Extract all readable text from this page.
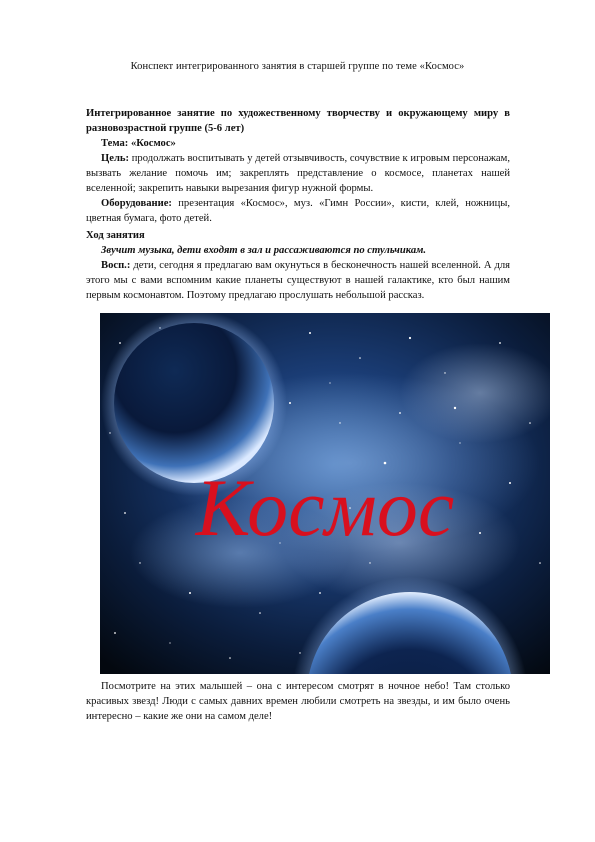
Конспект интегрированного занятия в старшей группе по теме «Космос»

Интегрированное занятие по художественному творчеству и окружающему миру в разновозрастной группе (5-6 лет)

Тема: «Космос»

Цель: продолжать воспитывать у детей отзывчивость, сочувствие к игровым персонажам, вызвать желание помочь им; закреплять представление о космосе, планетах нашей вселенной; закрепить навыки вырезания фигур нужной формы.

Оборудование: презентация «Космос», муз. «Гимн России», кисти, клей, ножницы, цветная бумага, фото детей.

Ход занятия

Звучит музыка, дети входят в зал и рассаживаются по стульчикам.

Восп.: дети, сегодня я предлагаю вам окунуться в бесконечность нашей вселенной. А для этого мы с вами вспомним какие планеты существуют в нашей галактике, кто был нашим первым космонавтом. Поэтому предлагаю прослушать небольшой рассказ.

Космос

Посмотрите на этих малышей – она с интересом смотрят в ночное небо! Там столько красивых звезд! Люди с самых давних времен любили смотреть на звезды, и им было очень интересно – какие же они на самом деле!
